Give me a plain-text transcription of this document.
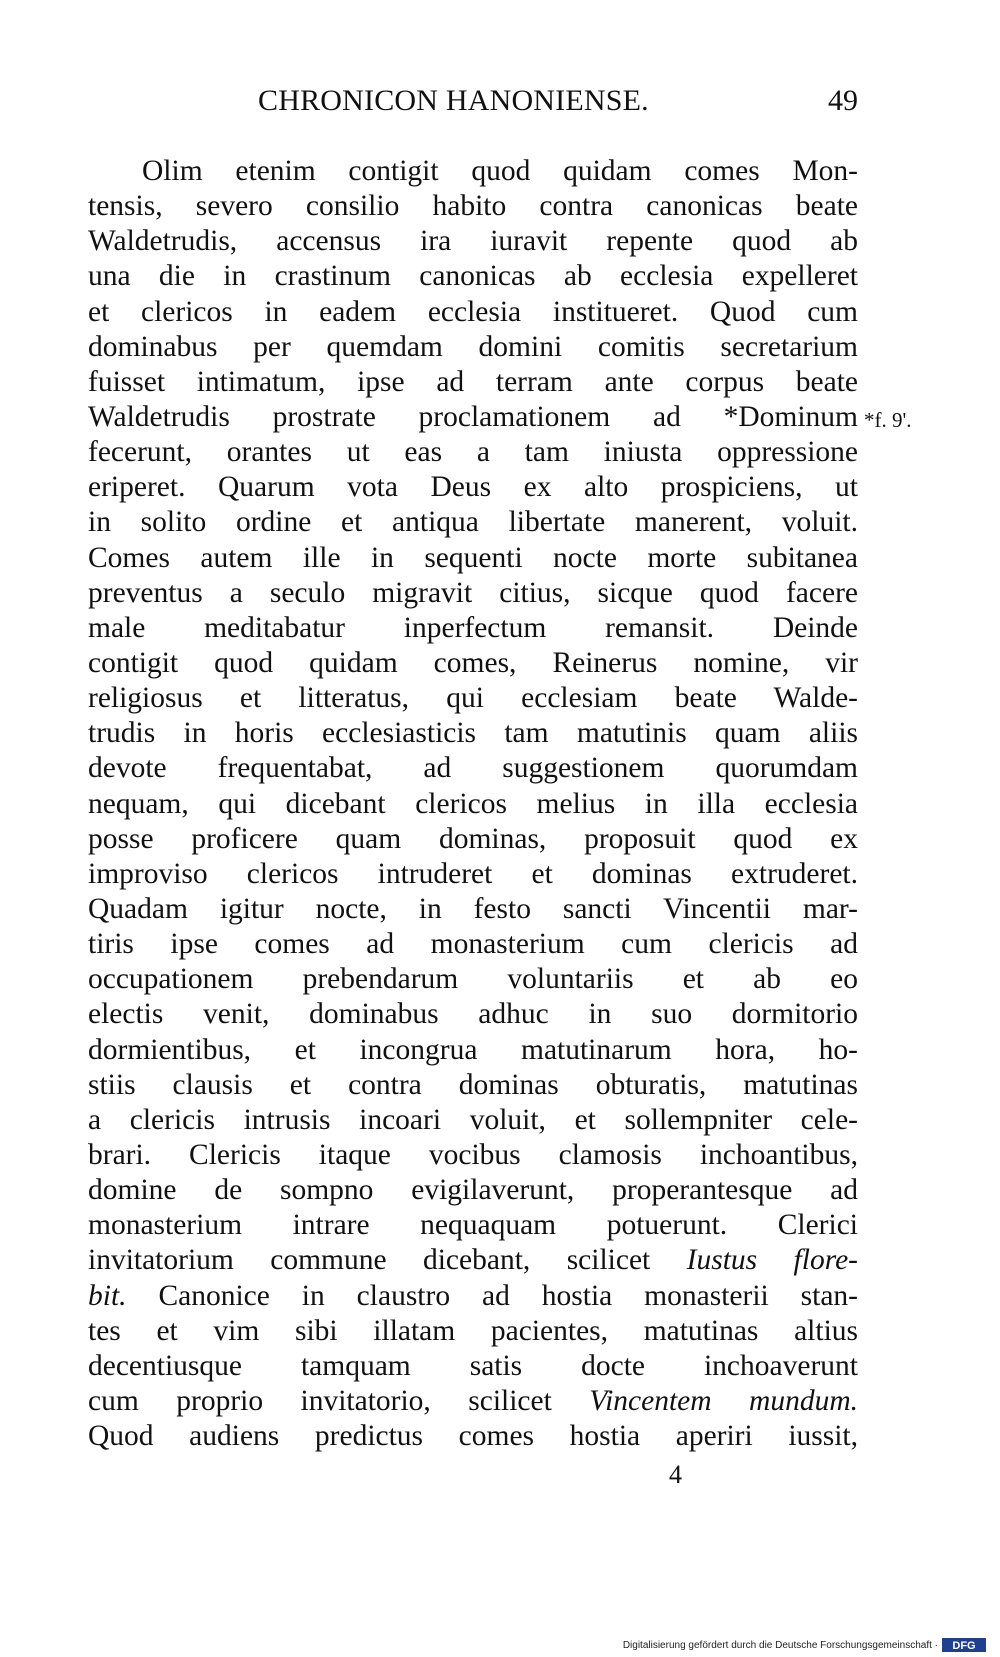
CHRONICON HANONIENSE.	49
Olim etenim contigit quod quidam comes Mon-
tensis, severo consilio habito contra canonicas beate
Waldetrudis, accensus ira iuravit repente quod ab
una die in crastinum canonicas ab ecclesia expelleret
et clericos in eadem ecclesia institueret. Quod cum
dominabus per quemdam domini comitis secretarium
fuisset intimatum, ipse ad terram ante corpus beate
Waldetrudis prostrate proclamationem ad *Dominum
fecerunt, orantes ut eas a tam iniusta oppressione
eriperet. Quarum vota Deus ex alto prospiciens, ut
in solito ordine et antiqua libertate manerent, voluit.
Comes autem ille in sequenti nocte morte subitanea
preventus a seculo migravit citius, sicque quod facere
male meditabatur inperfectum remansit. Deinde
contigit quod quidam comes, Reinerus nomine, vir
religiosus et litteratus, qui ecclesiam beate Walde-
trudis in horis ecclesiasticis tam matutinis quam aliis
devote frequentabat, ad suggestionem quorumdam
nequam, qui dicebant clericos melius in illa ecclesia
posse proficere quam dominas, proposuit quod ex
improviso clericos intruderet et dominas extruderet.
Quadam igitur nocte, in festo sancti Vincentii mar-
tiris ipse comes ad monasterium cum clericis ad
occupationem prebendarum voluntariis et ab eo
electis venit, dominabus adhuc in suo dormitorio
dormientibus, et incongrua matutinarum hora, ho-
stiis clausis et contra dominas obturatis, matutinas
a clericis intrusis incoari voluit, et sollempniter cele-
brari. Clericis itaque vocibus clamosis inchoantibus,
domine de sompno evigilaverunt, properantesque ad
monasterium intrare nequaquam potuerunt. Clerici
invitatorium commune dicebant, scilicet Iustus flore-
bit. Canonice in claustro ad hostia monasterii stan-
tes et vim sibi illatam pacientes, matutinas altius
decentiusque tamquam satis docte inchoaverunt
cum proprio invitatorio, scilicet Vincentem mundum.
Quod audiens predictus comes hostia aperiri iussit,
*f. 9'.
4
Digitalisierung gefördert durch die Deutsche Forschungsgemeinschaft · DFG
